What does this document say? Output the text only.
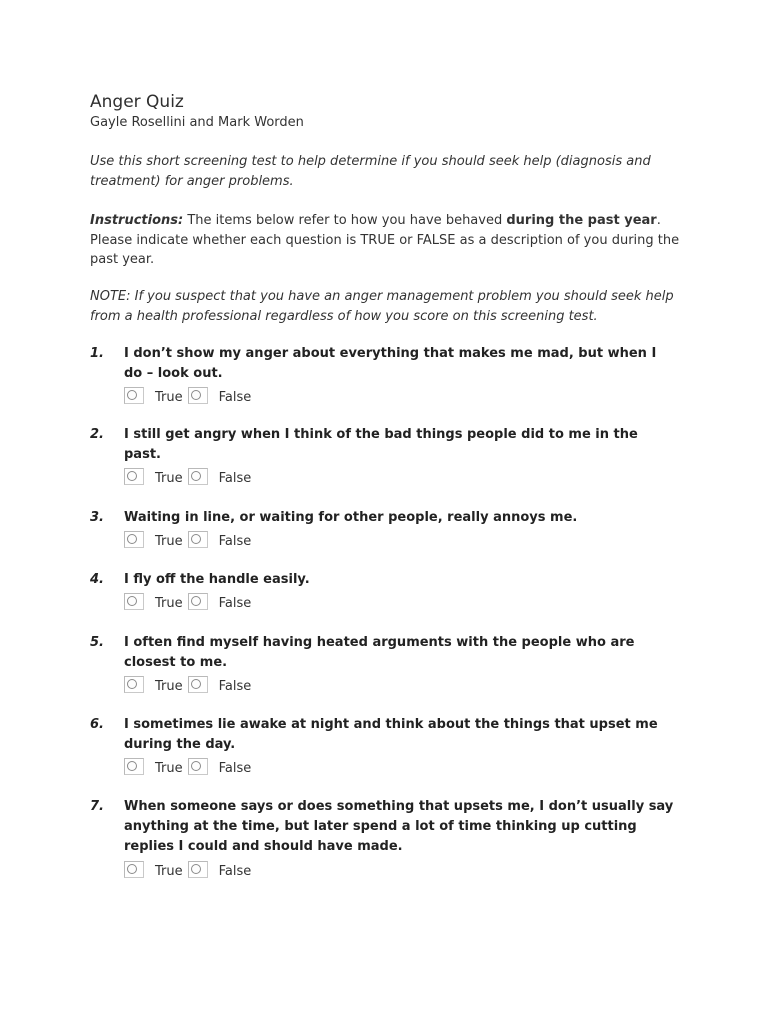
Anger Quiz
Gayle Rosellini and Mark Worden
Use this short screening test to help determine if you should seek help (diagnosis and treatment) for anger problems.
Instructions: The items below refer to how you have behaved during the past year. Please indicate whether each question is TRUE or FALSE as a description of you during the past year.
NOTE: If you suspect that you have an anger management problem you should seek help from a health professional regardless of how you score on this screening test.
1. I don’t show my anger about everything that makes me mad, but when I do – look out.
True	False
2. I still get angry when I think of the bad things people did to me in the past.
True	False
3. Waiting in line, or waiting for other people, really annoys me.
True	False
4. I fly off the handle easily.
True	False
5. I often find myself having heated arguments with the people who are closest to me.
True	False
6. I sometimes lie awake at night and think about the things that upset me during the day.
True	False
7. When someone says or does something that upsets me, I don’t usually say anything at the time, but later spend a lot of time thinking up cutting replies I could and should have made.
True	False
